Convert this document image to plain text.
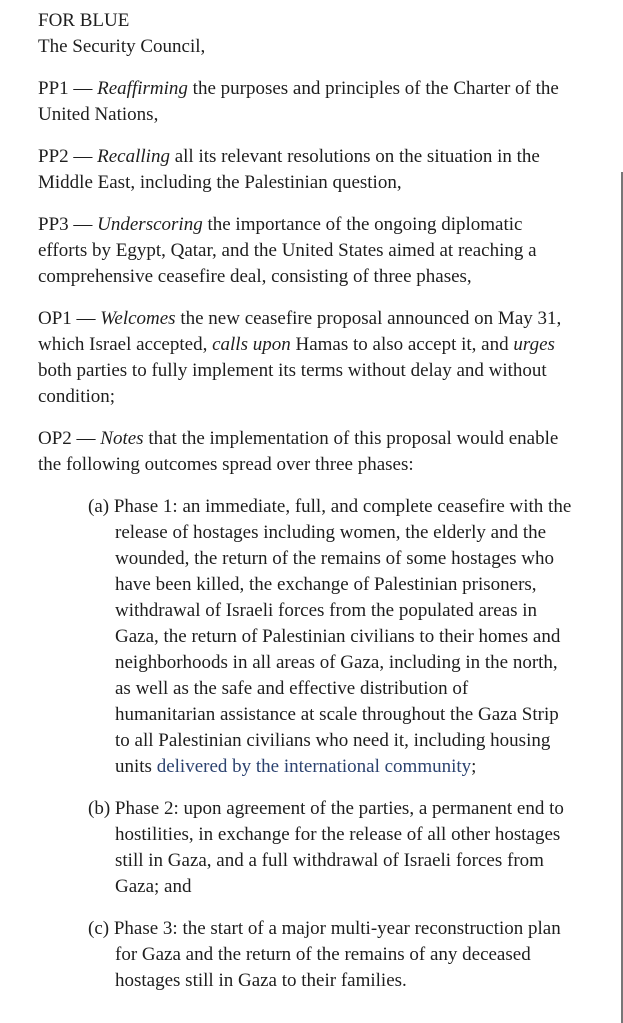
FOR BLUE

The Security Council,

PP1 — Reaffirming the purposes and principles of the Charter of the United Nations,

PP2 — Recalling all its relevant resolutions on the situation in the Middle East, including the Palestinian question,

PP3 — Underscoring the importance of the ongoing diplomatic efforts by Egypt, Qatar, and the United States aimed at reaching a comprehensive ceasefire deal, consisting of three phases,

OP1 — Welcomes the new ceasefire proposal announced on May 31, which Israel accepted, calls upon Hamas to also accept it, and urges both parties to fully implement its terms without delay and without condition;

OP2 — Notes that the implementation of this proposal would enable the following outcomes spread over three phases:

(a) Phase 1: an immediate, full, and complete ceasefire with the release of hostages including women, the elderly and the wounded, the return of the remains of some hostages who have been killed, the exchange of Palestinian prisoners, withdrawal of Israeli forces from the populated areas in Gaza, the return of Palestinian civilians to their homes and neighborhoods in all areas of Gaza, including in the north, as well as the safe and effective distribution of humanitarian assistance at scale throughout the Gaza Strip to all Palestinian civilians who need it, including housing units delivered by the international community;

(b) Phase 2: upon agreement of the parties, a permanent end to hostilities, in exchange for the release of all other hostages still in Gaza, and a full withdrawal of Israeli forces from Gaza; and

(c) Phase 3: the start of a major multi-year reconstruction plan for Gaza and the return of the remains of any deceased hostages still in Gaza to their families.
